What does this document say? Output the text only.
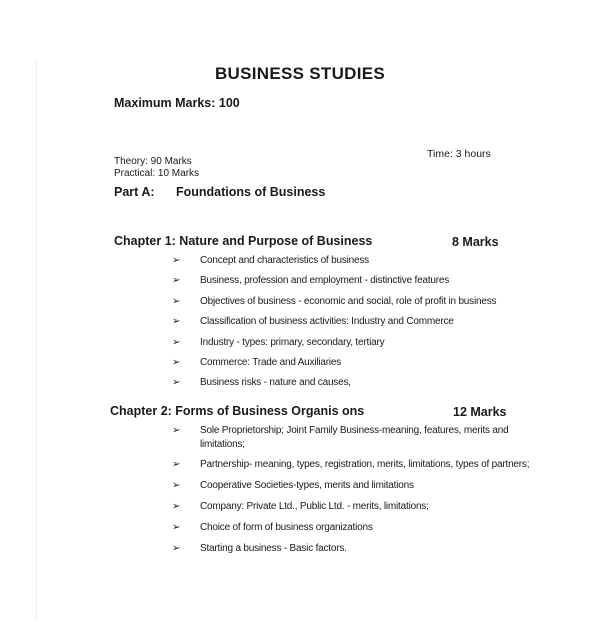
BUSINESS STUDIES
Maximum Marks: 100
Time: 3 hours
Theory: 90 Marks
Practical: 10 Marks
Part A: Foundations of Business
Chapter 1: Nature and Purpose of Business	8 Marks
➢ Concept and characteristics of business
➢ Business, profession and employment - distinctive features
➢ Objectives of business - economic and social, role of profit in business
➢ Classification of business activities: Industry and Commerce
➢ Industry - types: primary, secondary, tertiary
➢ Commerce: Trade and Auxiliaries
➢ Business risks - nature and causes,
Chapter 2: Forms of Business Organis ons	12 Marks
➢ Sole Proprietorship; Joint Family Business-meaning, features, merits and limitations;
➢ Partnership- meaning, types, registration, merits, limitations, types of partners;
➢ Cooperative Societies-types, merits and limitations
➢ Company: Private Ltd., Public Ltd. - merits, limitations;
➢ Choice of form of business organizations
➢ Starting a business - Basic factors.
